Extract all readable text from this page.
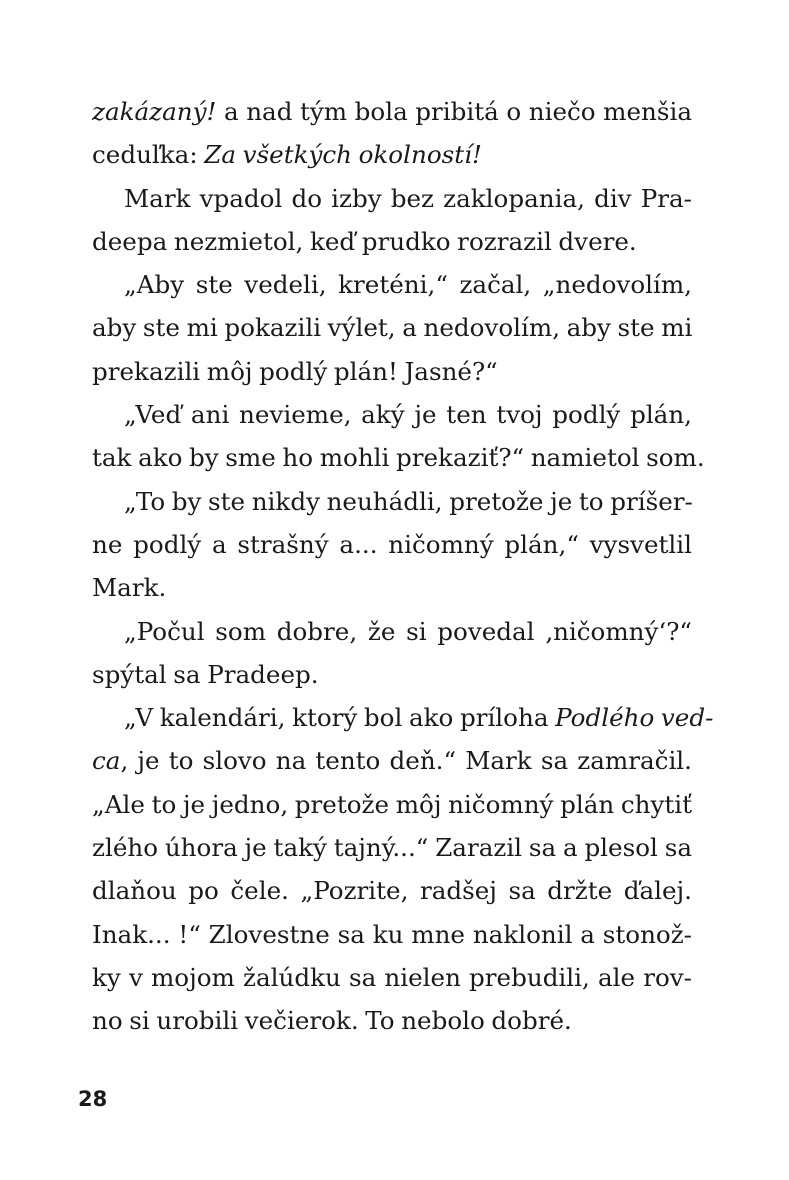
zakázaný! a nad tým bola pribitá o niečo menšia
ceduľka: Za všetkých okolností!
Mark vpadol do izby bez zaklopania, div Pra-
deepa nezmietol, keď prudko rozrazil dvere.
„Aby ste vedeli, kreténi,“ začal, „nedovolím,
aby ste mi pokazili výlet, a nedovolím, aby ste mi
prekazili môj podlý plán! Jasné?“
„Veď ani nevieme, aký je ten tvoj podlý plán,
tak ako by sme ho mohli prekaziť?“ namietol som.
„To by ste nikdy neuhádli, pretože je to príšer-
ne podlý a strašný a... ničomný plán,“ vysvetlil
Mark.
„Počul som dobre, že si povedal ‚ničomný‘?“
spýtal sa Pradeep.
„V kalendári, ktorý bol ako príloha Podlého ved-
ca, je to slovo na tento deň.“ Mark sa zamračil.
„Ale to je jedno, pretože môj ničomný plán chytiť
zlého úhora je taký tajný...“ Zarazil sa a plesol sa
dlaňou po čele. „Pozrite, radšej sa držte ďalej.
Inak... !“ Zlovestne sa ku mne naklonil a stonož-
ky v mojom žalúdku sa nielen prebudili, ale rov-
no si urobili večierok. To nebolo dobré.
28
